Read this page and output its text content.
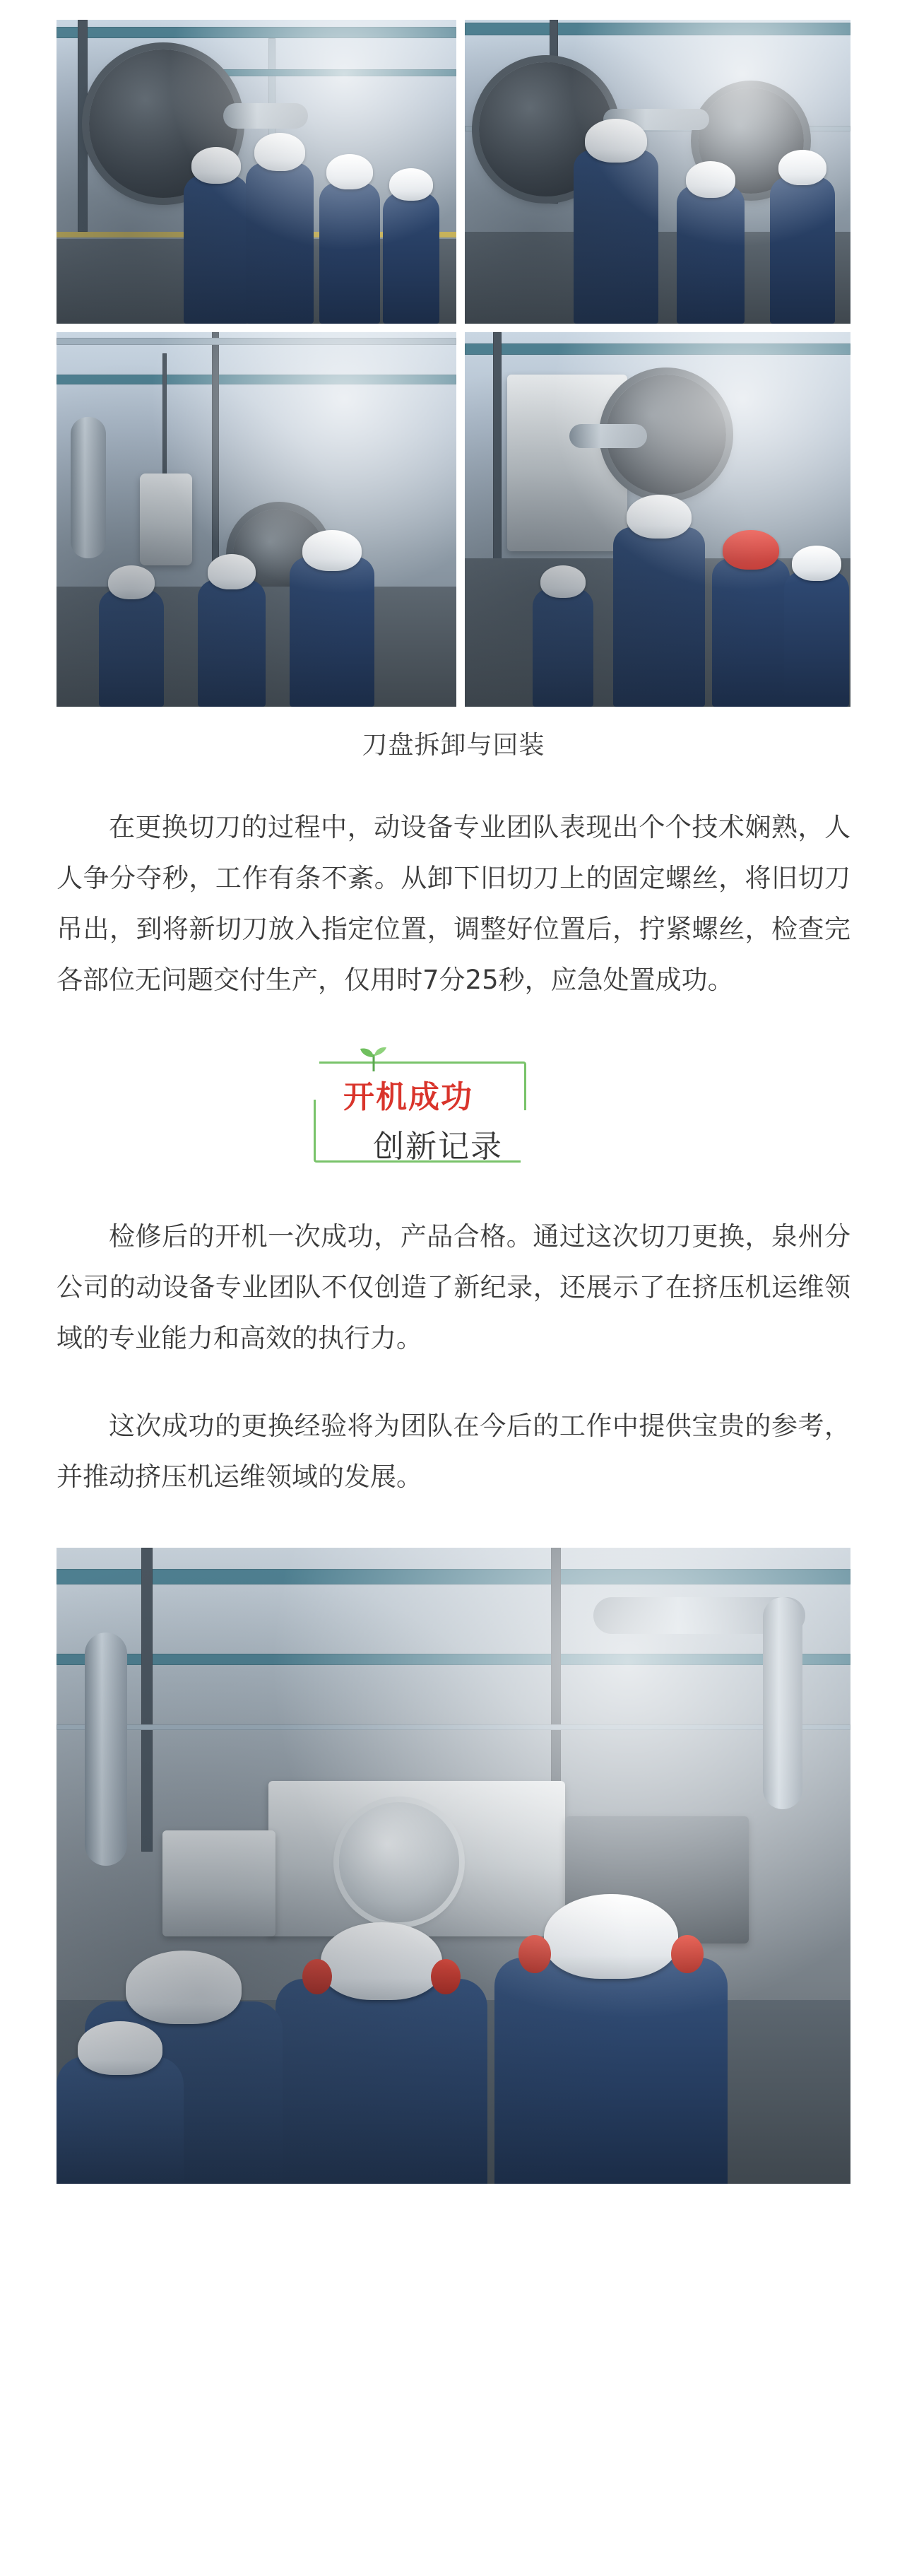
刀盘拆卸与回装
在更换切刀的过程中，动设备专业团队表现出个个技术娴熟，人人争分夺秒，工作有条不紊。从卸下旧切刀上的固定螺丝，将旧切刀吊出，到将新切刀放入指定位置，调整好位置后，拧紧螺丝，检查完各部位无问题交付生产，仅用时7分25秒，应急处置成功。
开机成功
创新记录
检修后的开机一次成功，产品合格。通过这次切刀更换，泉州分公司的动设备专业团队不仅创造了新纪录，还展示了在挤压机运维领域的专业能力和高效的执行力。
这次成功的更换经验将为团队在今后的工作中提供宝贵的参考，并推动挤压机运维领域的发展。
